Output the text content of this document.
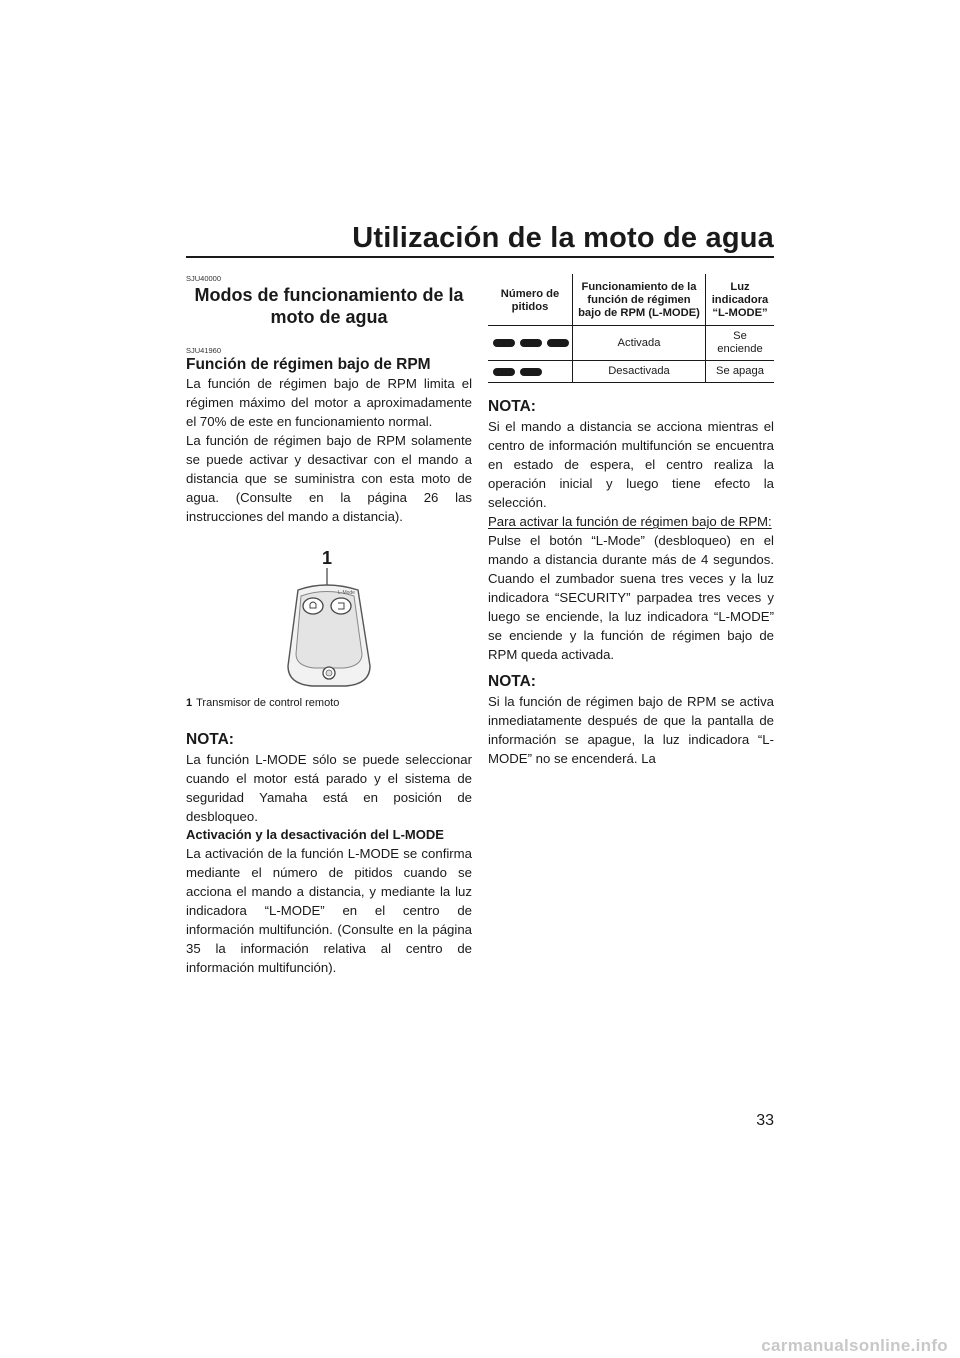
Utilización de la moto de agua

SJU40000

Modos de funcionamiento de la moto de agua

SJU41960

Función de régimen bajo de RPM

La función de régimen bajo de RPM limita el régimen máximo del motor a aproximadamente el 70% de este en funcionamiento normal.

La función de régimen bajo de RPM solamente se puede activar y desactivar con el mando a distancia que se suministra con esta moto de agua. (Consulte en la página 26 las instrucciones del mando a distancia).

1
L-Mode

1 Transmisor de control remoto

NOTA:

La función L-MODE sólo se puede seleccionar cuando el motor está parado y el sistema de seguridad Yamaha está en posición de desbloqueo.

Activación y la desactivación del L-MODE

La activación de la función L-MODE se confirma mediante el número de pitidos cuando se acciona el mando a distancia, y mediante la luz indicadora “L-MODE” en el centro de información multifunción. (Consulte en la página 35 la información relativa al centro de información multifunción).

Número de pitidos	Funcionamiento de la función de régimen bajo de RPM (L-MODE)	Luz indicadora “L-MODE”

	Activada	Se enciende

	Desactivada	Se apaga

NOTA:

Si el mando a distancia se acciona mientras el centro de información multifunción se encuentra en estado de espera, el centro realiza la operación inicial y luego tiene efecto la selección.

Para activar la función de régimen bajo de RPM:

Pulse el botón “L-Mode” (desbloqueo) en el mando a distancia durante más de 4 segundos. Cuando el zumbador suena tres veces y la luz indicadora “SECURITY” parpadea tres veces y luego se enciende, la luz indicadora “L-MODE” se enciende y la función de régimen bajo de RPM queda activada.

NOTA:

Si la función de régimen bajo de RPM se activa inmediatamente después de que la pantalla de información se apague, la luz indicadora “L-MODE” no se encenderá. La

33
carmanualsonline.info
